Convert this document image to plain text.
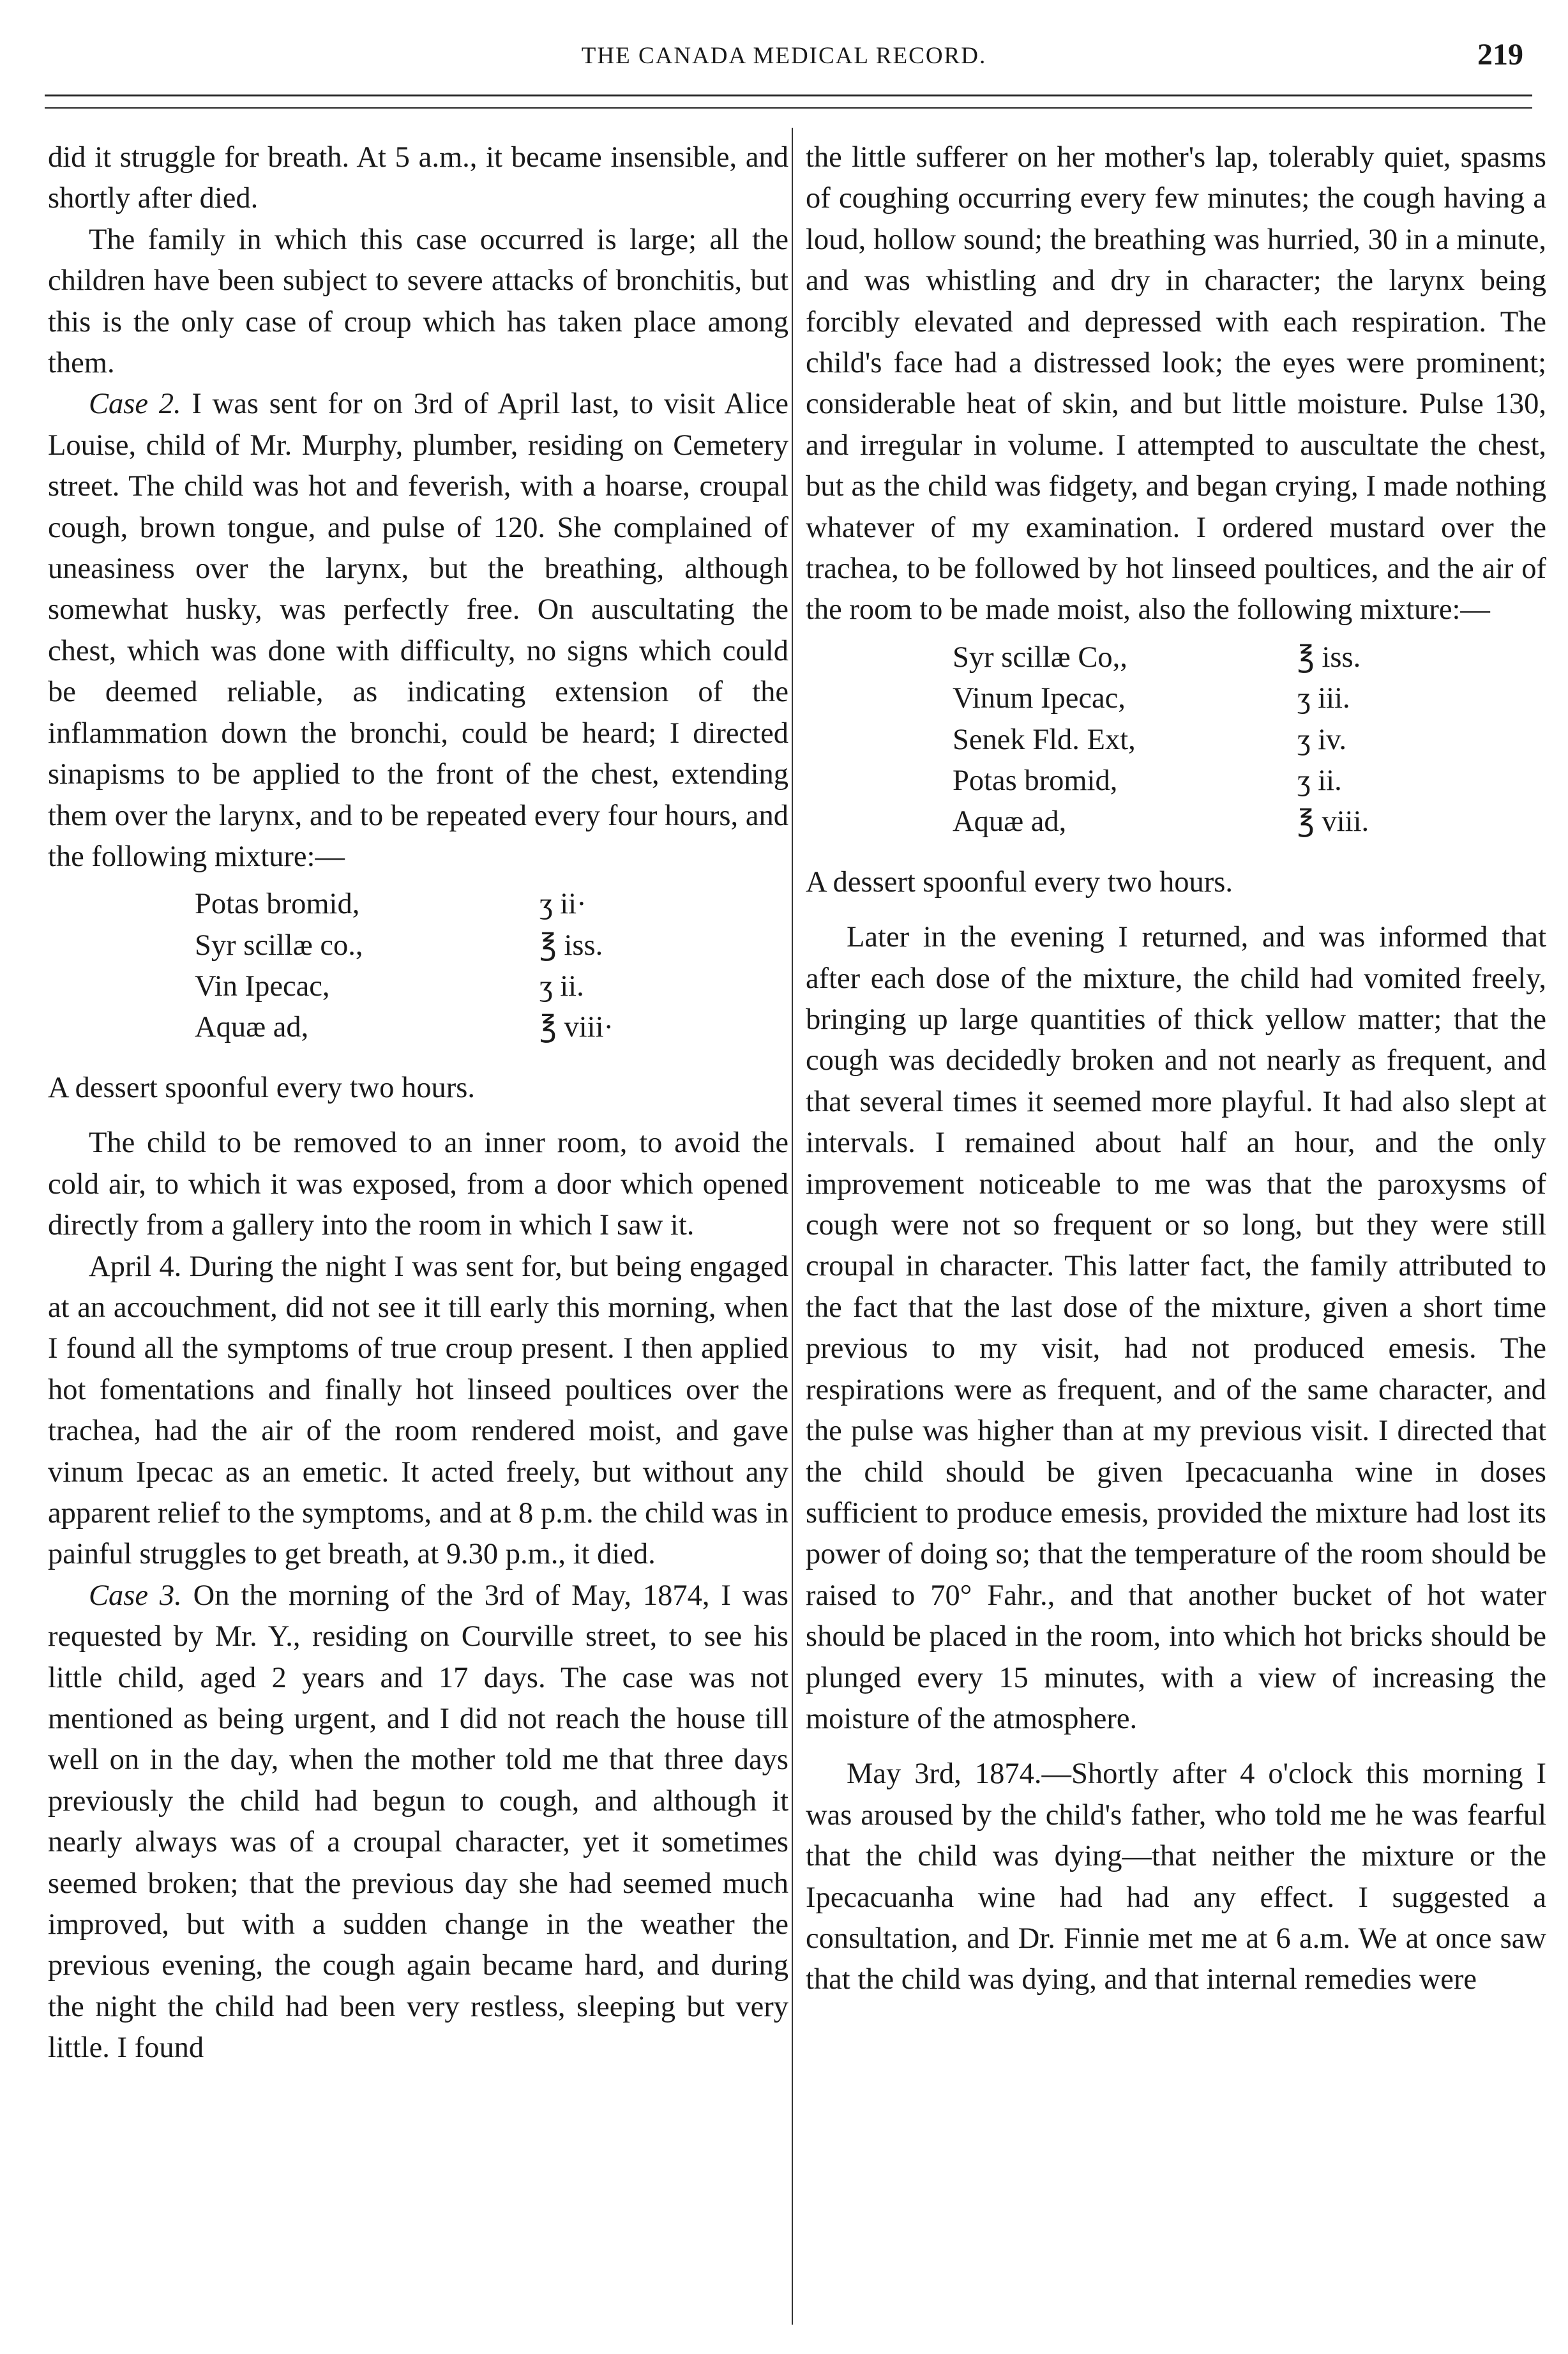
THE CANADA MEDICAL RECORD.	219

did it struggle for breath. At 5 a.m., it became insensible, and shortly after died.

The family in which this case occurred is large; all the children have been subject to severe attacks of bronchitis, but this is the only case of croup which has taken place among them.

Case 2. I was sent for on 3rd of April last, to visit Alice Louise, child of Mr. Murphy, plumber, residing on Cemetery street. The child was hot and feverish, with a hoarse, croupal cough, brown tongue, and pulse of 120. She complained of uneasiness over the larynx, but the breathing, although somewhat husky, was perfectly free. On auscultating the chest, which was done with difficulty, no signs which could be deemed reliable, as indicating extension of the inflammation down the bronchi, could be heard; I directed sinapisms to be applied to the front of the chest, extending them over the larynx, and to be repeated every four hours, and the following mixture:—

Potas bromid,	ʒ ii·
Syr scillæ co.,	℥ iss.
Vin Ipecac,	ʒ ii.
Aquæ ad,	℥ viii·

A dessert spoonful every two hours.

The child to be removed to an inner room, to avoid the cold air, to which it was exposed, from a door which opened directly from a gallery into the room in which I saw it.

April 4. During the night I was sent for, but being engaged at an accouchment, did not see it till early this morning, when I found all the symptoms of true croup present. I then applied hot fomentations and finally hot linseed poultices over the trachea, had the air of the room rendered moist, and gave vinum Ipecac as an emetic. It acted freely, but without any apparent relief to the symptoms, and at 8 p.m. the child was in painful struggles to get breath, at 9.30 p.m., it died.

Case 3. On the morning of the 3rd of May, 1874, I was requested by Mr. Y., residing on Courville street, to see his little child, aged 2 years and 17 days. The case was not mentioned as being urgent, and I did not reach the house till well on in the day, when the mother told me that three days previously the child had begun to cough, and although it nearly always was of a croupal character, yet it sometimes seemed broken; that the previous day she had seemed much improved, but with a sudden change in the weather the previous evening, the cough again became hard, and during the night the child had been very restless, sleeping but very little. I found

the little sufferer on her mother's lap, tolerably quiet, spasms of coughing occurring every few minutes; the cough having a loud, hollow sound; the breathing was hurried, 30 in a minute, and was whistling and dry in character; the larynx being forcibly elevated and depressed with each respiration. The child's face had a distressed look; the eyes were prominent; considerable heat of skin, and but little moisture. Pulse 130, and irregular in volume. I attempted to auscultate the chest, but as the child was fidgety, and began crying, I made nothing whatever of my examination. I ordered mustard over the trachea, to be followed by hot linseed poultices, and the air of the room to be made moist, also the following mixture:—

Syr scillæ Co,,	℥ iss.
Vinum Ipecac,	ʒ iii.
Senek Fld. Ext,	ʒ iv.
Potas bromid,	ʒ ii.
Aquæ ad,	℥ viii.

A dessert spoonful every two hours.

Later in the evening I returned, and was informed that after each dose of the mixture, the child had vomited freely, bringing up large quantities of thick yellow matter; that the cough was decidedly broken and not nearly as frequent, and that several times it seemed more playful. It had also slept at intervals. I remained about half an hour, and the only improvement noticeable to me was that the paroxysms of cough were not so frequent or so long, but they were still croupal in character. This latter fact, the family attributed to the fact that the last dose of the mixture, given a short time previous to my visit, had not produced emesis. The respirations were as frequent, and of the same character, and the pulse was higher than at my previous visit. I directed that the child should be given Ipecacuanha wine in doses sufficient to produce emesis, provided the mixture had lost its power of doing so; that the temperature of the room should be raised to 70° Fahr., and that another bucket of hot water should be placed in the room, into which hot bricks should be plunged every 15 minutes, with a view of increasing the moisture of the atmosphere.

May 3rd, 1874.—Shortly after 4 o'clock this morning I was aroused by the child's father, who told me he was fearful that the child was dying—that neither the mixture or the Ipecacuanha wine had had any effect. I suggested a consultation, and Dr. Finnie met me at 6 a.m. We at once saw that the child was dying, and that internal remedies were
